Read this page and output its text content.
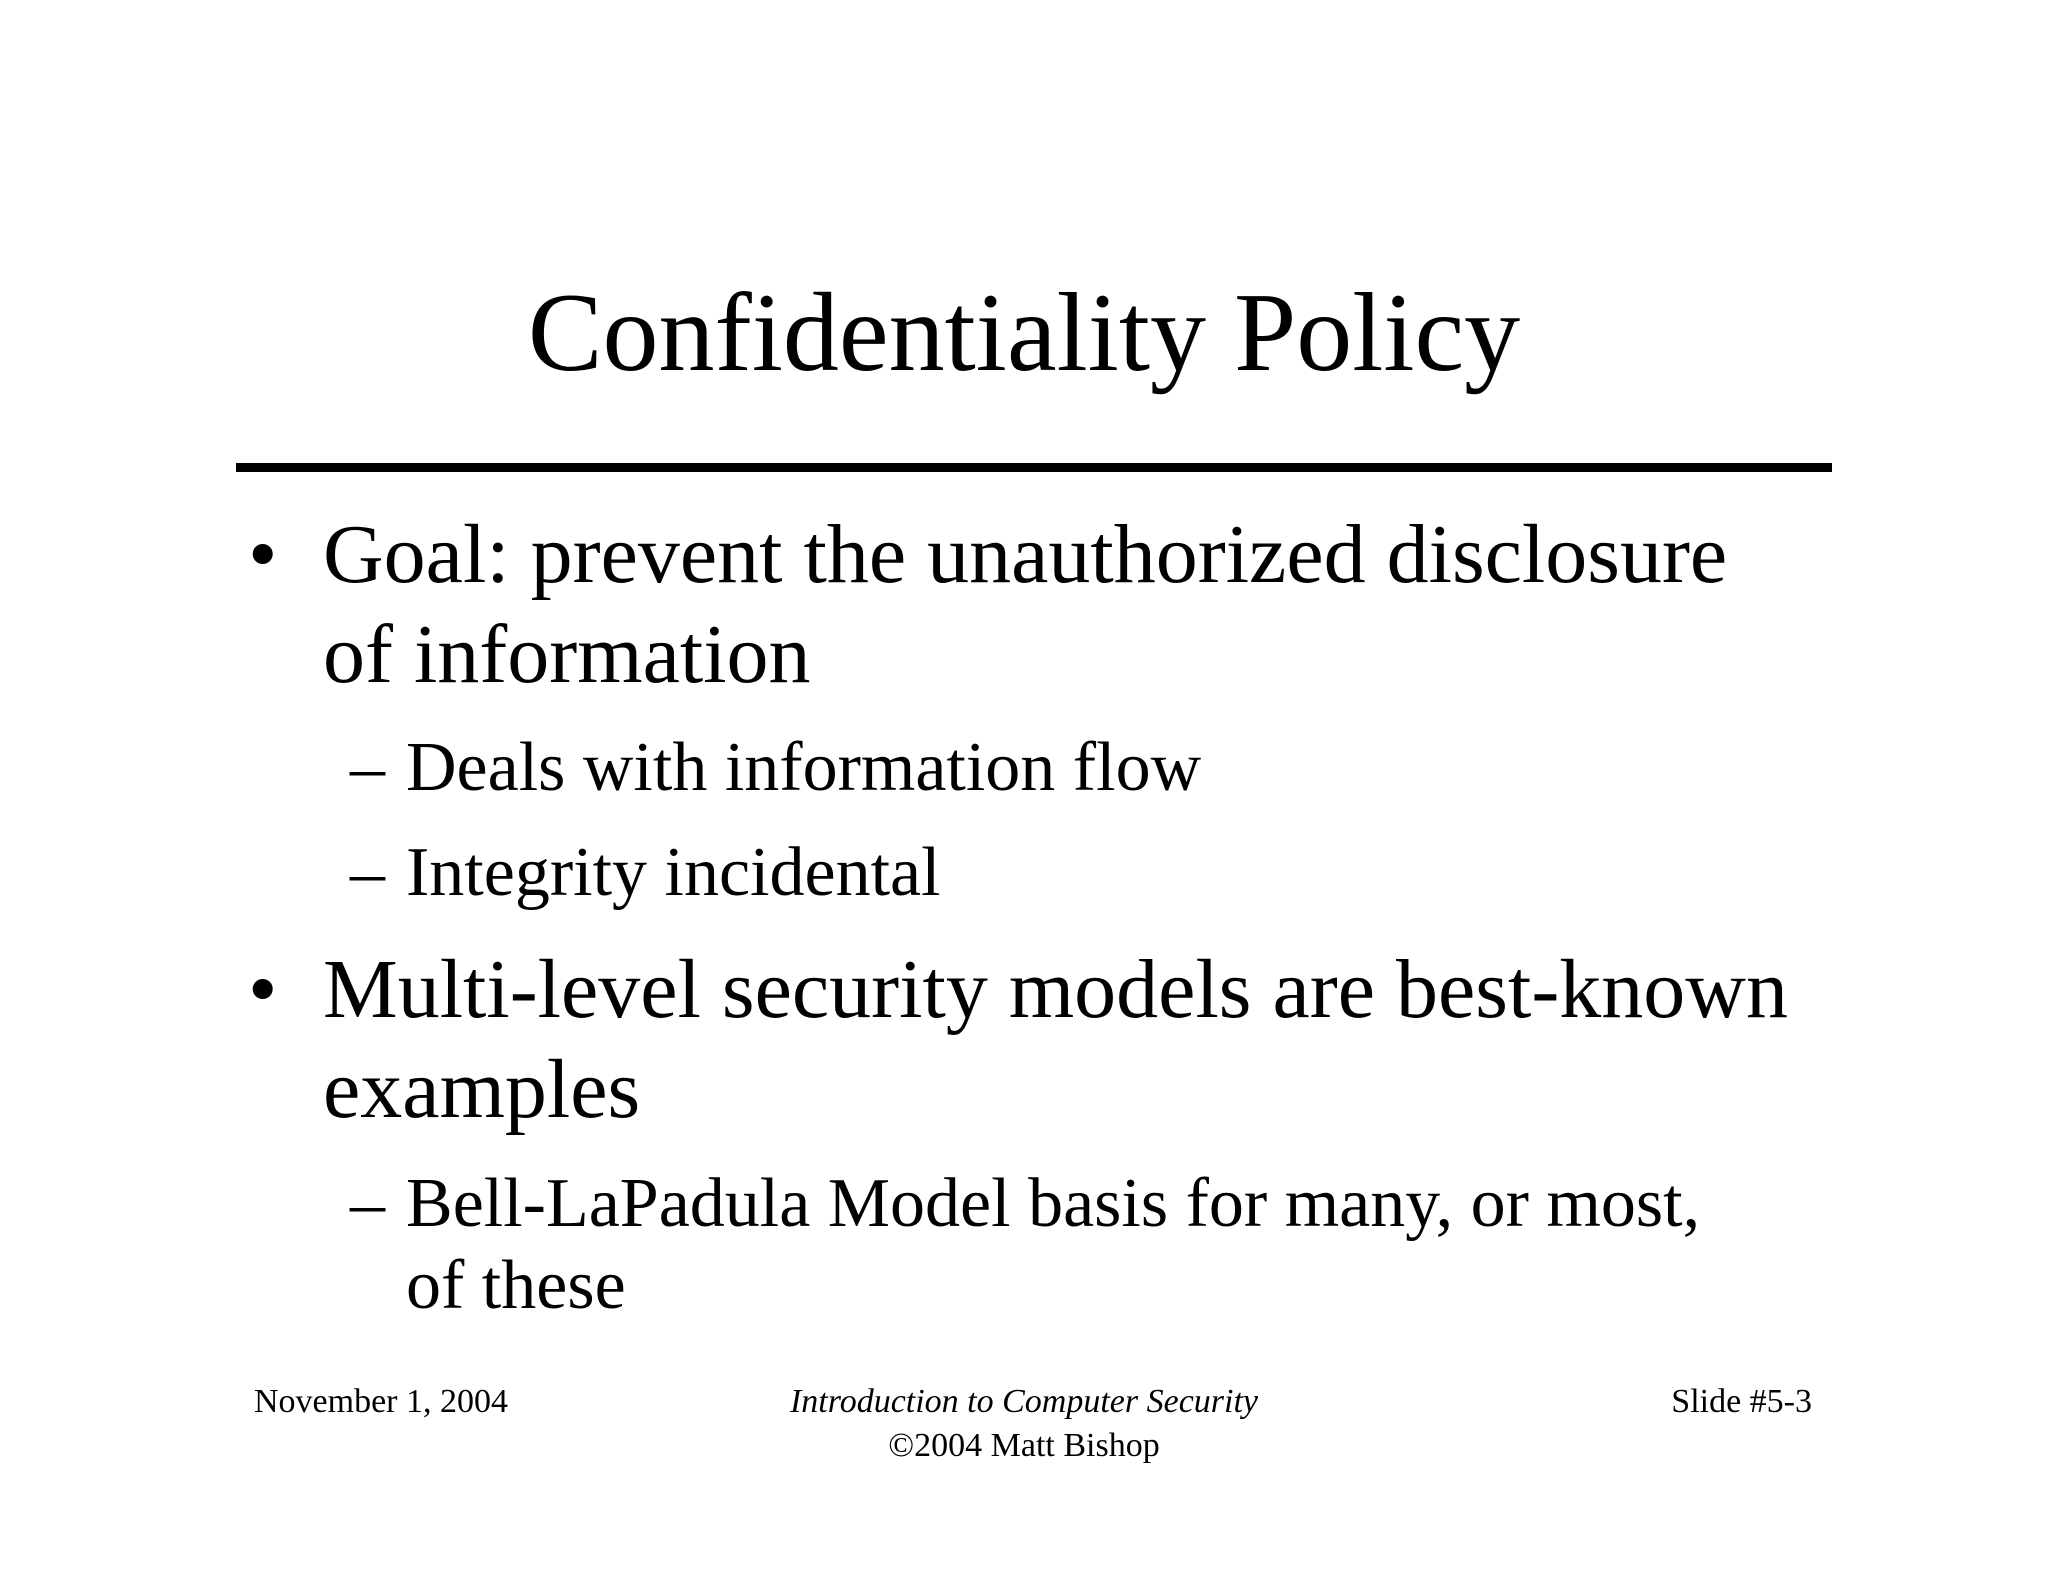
Confidentiality Policy
• Goal: prevent the unauthorized disclosure
of information
– Deals with information flow
– Integrity incidental
• Multi-level security models are best-known
examples
– Bell-LaPadula Model basis for many, or most,
of these
November 1, 2004	Introduction to Computer Security
©2004 Matt Bishop
Slide #5-3
